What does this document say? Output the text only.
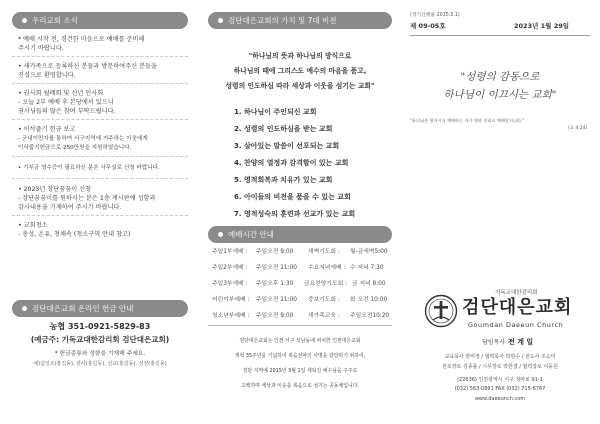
우리교회 소식
* 예배 시작 전, 경건한 마음으로 예배를 준비해
주시기 바랍니다.
• 새가족으로 등록하신 분들과 방문하여주신 분들을
진심으로 환영합니다.
• 권사회 월례회 및 신년 인사회
- 오늘 2부 예배 후 본당에서 있으니
권사님들의 많은 참여 부탁드립니다.
• 이삭줍기 헌금 보고
- 군내이민자를 통하여 서구지역에 거주하는 이웃에게
이삭줍기헌금으로 250만원을 지원하였습니다.
• 기부금 영수증이 필요하신 분은 사무실로 신청 바랍니다.
• 2023년 장단꿈꿈이 신청
- 장단꿈꿈이를 원하시는 분은 1층 게시판에 성함과
감사내용을 기재하여 주시기 바랍니다.
• 교회청소
- 총성, 온유, 청채속 (청소구역 안내 참고)
검단대은교회 온라인 헌금 안내
농협 351-0921-5829-83
(예금주: 기독교대한감리회 검단대은교회)
* 헌금종류와 성함을 기재해 주세요.
예)십일조(홍길동), 감사(홍길동), 선교(홍길동), 성전(홍길동)
검단대은교회의 가치 및 7대 비전
"하나님의 뜻과 하나님의 방식으로
하나님의 때에 그리스도 예수의 마음을 품고,
성령의 인도하심 따라 세상과 이웃을 섬기는 교회"
1. 하나님이 주인되신 교회
2. 성령의 인도하심을 받는 교회
3. 살아있는 말씀이 선포되는 교회
4. 찬양의 열정과 감격함이 있는 교회
5. 영적회복과 치유가 있는 교회
6. 아이들의 비전을 품을 수 있는 교회
7. 영적성숙의 훈련과 선교가 있는 교회
예배시간 안내
주일1부예배 : 주일오전 9:00	새벽기도회 : 월-금새벽5:00
주일2부예배 : 주일오전 11:00 수요저녁예배 : 수 저녁 7:30
주일3부예배 : 주일오후 1:30 금요찬양기도회 : 금 저녁 8:00
어린이부예배 : 주일오전 11:00 중보기도회 : 화 오전 10:00
청소년부예배 : 주일오전 9:00	새가족교육 : 주일오전10:20
검단대은교회는 인천 서구 석남동에 위치한 인천대은교회
개척 35주년을 기념하여 복음전파의 사명을 감당하기 위하여,
검단 지역에 2015년 3월 1일 세워진 예수님을 구주로
고백하며 세상과 이웃을 복음으로 섬기는 공동체입니다.
(정기간행물 2015.3.1)
제 09-05호	2023년 1월 29일
"성령의 감동으로
하나님이 이끄시는 교회"
"하나님은 영이시니 예배하는 자가 영과 진리로 예배할지니라."
(요 4:24)
기독교대한감리회
검단대은교회
Goumdan Daeeun Church
담임목사 전 계 일
교육목사 한미정 / 협력목사 박한수 / 전도사 조승미
원로장로 김종률 / 시무장로 박한결 / 협력장로 이동원
(22636) 인천광역시 서구 청마로 91-1
(032) 563-0891 FAX (032) 715-6767
www.daeeunch.com
